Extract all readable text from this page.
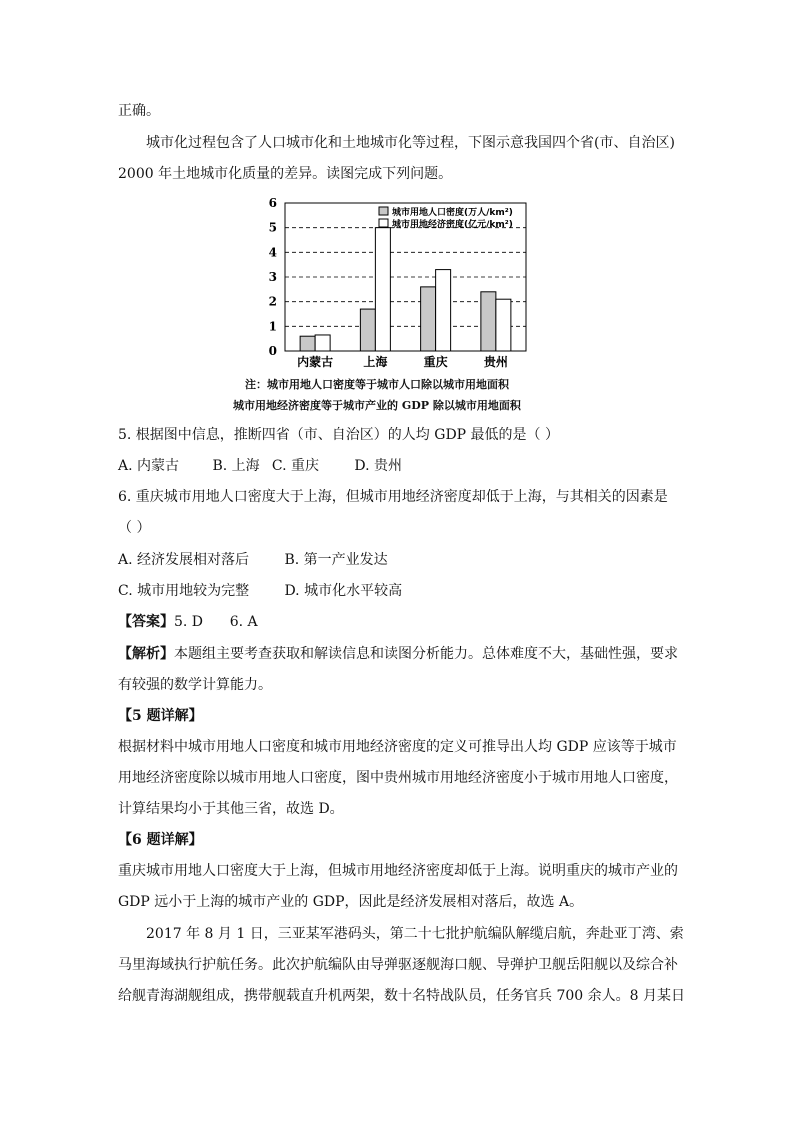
正确。
城市化过程包含了人口城市化和土地城市化等过程，下图示意我国四个省(市、自治区)
2000 年土地城市化质量的差异。读图完成下列问题。
0
1
2
3
4
5
6
内蒙古	上海	重庆	贵州
城市用地人口密度(万人/km²)
城市用地经济密度(亿元/km²)
注：城市用地人口密度等于城市人口除以城市用地面积
城市用地经济密度等于城市产业的 GDP 除以城市用地面积
5. 根据图中信息，推断四省（市、自治区）的人均 GDP 最低的是（ ）
A. 内蒙古 B. 上海 C. 重庆	D. 贵州
6. 重庆城市用地人口密度大于上海，但城市用地经济密度却低于上海，与其相关的因素是
（ ）
A. 经济发展相对落后	B. 第一产业发达
C. 城市用地较为完整	D. 城市化水平较高
【答案】5. D      6. A
【解析】本题组主要考查获取和解读信息和读图分析能力。总体难度不大，基础性强，要求
有较强的数学计算能力。
【5 题详解】
根据材料中城市用地人口密度和城市用地经济密度的定义可推导出人均 GDP 应该等于城市
用地经济密度除以城市用地人口密度，图中贵州城市用地经济密度小于城市用地人口密度，
计算结果均小于其他三省，故选 D。
【6 题详解】
重庆城市用地人口密度大于上海，但城市用地经济密度却低于上海。说明重庆的城市产业的
GDP 远小于上海的城市产业的 GDP，因此是经济发展相对落后，故选 A。
2017 年 8 月 1 日，三亚某军港码头，第二十七批护航编队解缆启航，奔赴亚丁湾、索
马里海域执行护航任务。此次护航编队由导弹驱逐舰海口舰、导弹护卫舰岳阳舰以及综合补
给舰青海湖舰组成，携带舰载直升机两架，数十名特战队员，任务官兵 700 余人。8 月某日
